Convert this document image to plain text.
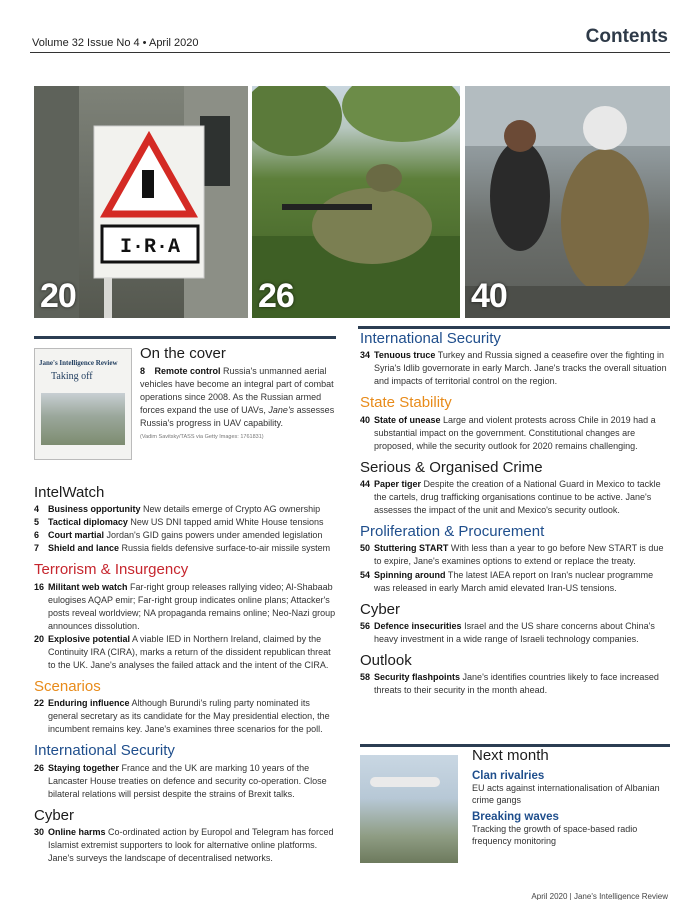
Volume 32 Issue No 4 • April 2020	Contents
I·R·A
20	26	40
Jane's Intelligence Review
Taking off
On the cover
8 Remote control Russia's unmanned aerial vehicles have become an integral part of combat operations since 2008. As the Russian armed forces expand the use of UAVs, Jane's assesses Russia's progress in UAV capability.
(Vadim Savitsky/TASS via Getty Images: 1761831)
IntelWatch
4 Business opportunity New details emerge of Crypto AG ownership
5 Tactical diplomacy New US DNI tapped amid White House tensions
6 Court martial Jordan's GID gains powers under amended legislation
7 Shield and lance Russia fields defensive surface-to-air missile system
Terrorism & Insurgency
16 Militant web watch Far-right group releases rallying video; Al-Shabaab eulogises AQAP emir; Far-right group indicates online plans; Attacker's posts reveal worldview; NA propaganda remains online; Neo-Nazi group announces dissolution.
20 Explosive potential A viable IED in Northern Ireland, claimed by the Continuity IRA (CIRA), marks a return of the dissident republican threat to the UK. Jane's analyses the failed attack and the intent of the CIRA.
Scenarios
22 Enduring influence Although Burundi's ruling party nominated its general secretary as its candidate for the May presidential election, the incumbent remains key. Jane's examines three scenarios for the poll.
International Security
26 Staying together France and the UK are marking 10 years of the Lancaster House treaties on defence and security co-operation. Close bilateral relations will persist despite the strains of Brexit talks.
Cyber
30 Online harms Co-ordinated action by Europol and Telegram has forced Islamist extremist supporters to look for alternative online platforms. Jane's surveys the landscape of decentralised networks.
International Security
34 Tenuous truce Turkey and Russia signed a ceasefire over the fighting in Syria's Idlib governorate in early March. Jane's tracks the overall situation and impacts of territorial control on the region.
State Stability
40 State of unease Large and violent protests across Chile in 2019 had a substantial impact on the government. Constitutional changes are proposed, while the security outlook for 2020 remains challenging.
Serious & Organised Crime
44 Paper tiger Despite the creation of a National Guard in Mexico to tackle the cartels, drug trafficking organisations continue to be active. Jane's assesses the impact of the unit and Mexico's security outlook.
Proliferation & Procurement
50 Stuttering START With less than a year to go before New START is due to expire, Jane's examines options to extend or replace the treaty.
54 Spinning around The latest IAEA report on Iran's nuclear programme was released in early March amid elevated Iran-US tensions.
Cyber
56 Defence insecurities Israel and the US share concerns about China's heavy investment in a wide range of Israeli technology companies.
Outlook
58 Security flashpoints Jane's identifies countries likely to face increased threats to their security in the month ahead.
Next month
Clan rivalries
EU acts against internationalisation of Albanian crime gangs
Breaking waves
Tracking the growth of space-based radio frequency monitoring
April 2020 | Jane's Intelligence Review
